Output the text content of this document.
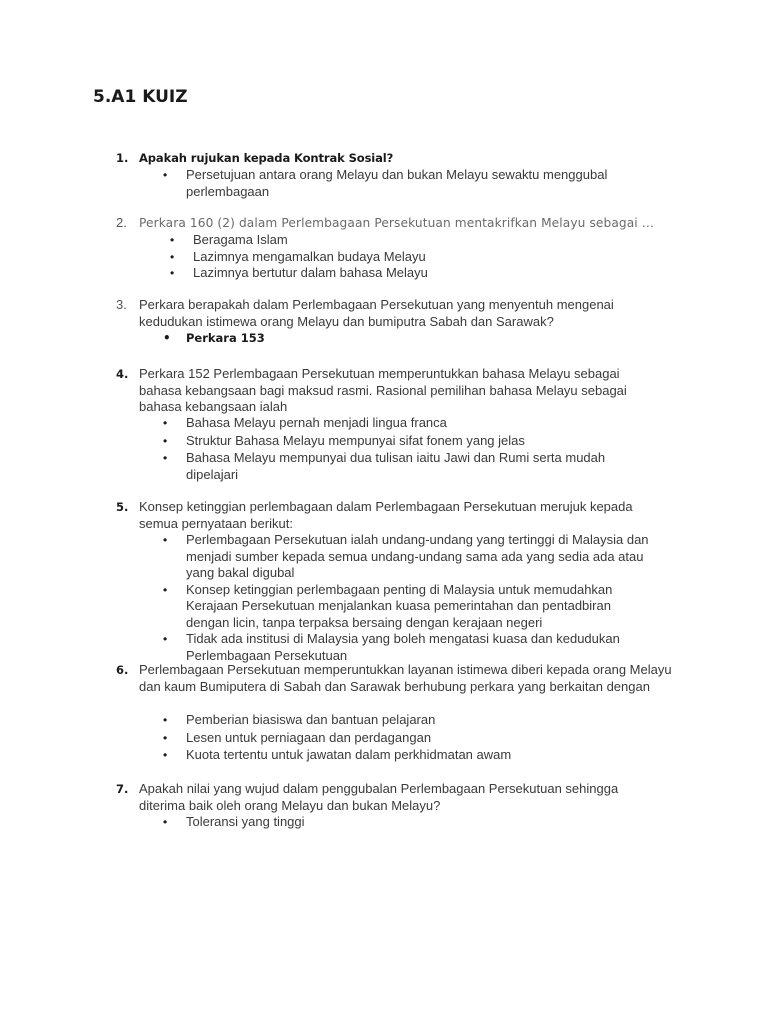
5.A1 KUIZ
1. Apakah rujukan kepada Kontrak Sosial?
• Persetujuan antara orang Melayu dan bukan Melayu sewaktu menggubal perlembagaan
2. Perkara 160 (2) dalam Perlembagaan Persekutuan mentakrifkan Melayu sebagai …
• Beragama Islam
• Lazimnya mengamalkan budaya Melayu
• Lazimnya bertutur dalam bahasa Melayu
3. Perkara berapakah dalam Perlembagaan Persekutuan yang menyentuh mengenai kedudukan istimewa orang Melayu dan bumiputra Sabah dan Sarawak?
• Perkara 153
4. Perkara 152 Perlembagaan Persekutuan memperuntukkan bahasa Melayu sebagai bahasa kebangsaan bagi maksud rasmi. Rasional pemilihan bahasa Melayu sebagai bahasa kebangsaan ialah
• Bahasa Melayu pernah menjadi lingua franca
• Struktur Bahasa Melayu mempunyai sifat fonem yang jelas
• Bahasa Melayu mempunyai dua tulisan iaitu Jawi dan Rumi serta mudah dipelajari
5. Konsep ketinggian perlembagaan dalam Perlembagaan Persekutuan merujuk kepada semua pernyataan berikut:
• Perlembagaan Persekutuan ialah undang-undang yang tertinggi di Malaysia dan menjadi sumber kepada semua undang-undang sama ada yang sedia ada atau yang bakal digubal
• Konsep ketinggian perlembagaan penting di Malaysia untuk memudahkan Kerajaan Persekutuan menjalankan kuasa pemerintahan dan pentadbiran dengan licin, tanpa terpaksa bersaing dengan kerajaan negeri
• Tidak ada institusi di Malaysia yang boleh mengatasi kuasa dan kedudukan Perlembagaan Persekutuan
6. Perlembagaan Persekutuan memperuntukkan layanan istimewa diberi kepada orang Melayu dan kaum Bumiputera di Sabah dan Sarawak berhubung perkara yang berkaitan dengan
• Pemberian biasiswa dan bantuan pelajaran
• Lesen untuk perniagaan dan perdagangan
• Kuota tertentu untuk jawatan dalam perkhidmatan awam
7. Apakah nilai yang wujud dalam penggubalan Perlembagaan Persekutuan sehingga diterima baik oleh orang Melayu dan bukan Melayu?
• Toleransi yang tinggi
